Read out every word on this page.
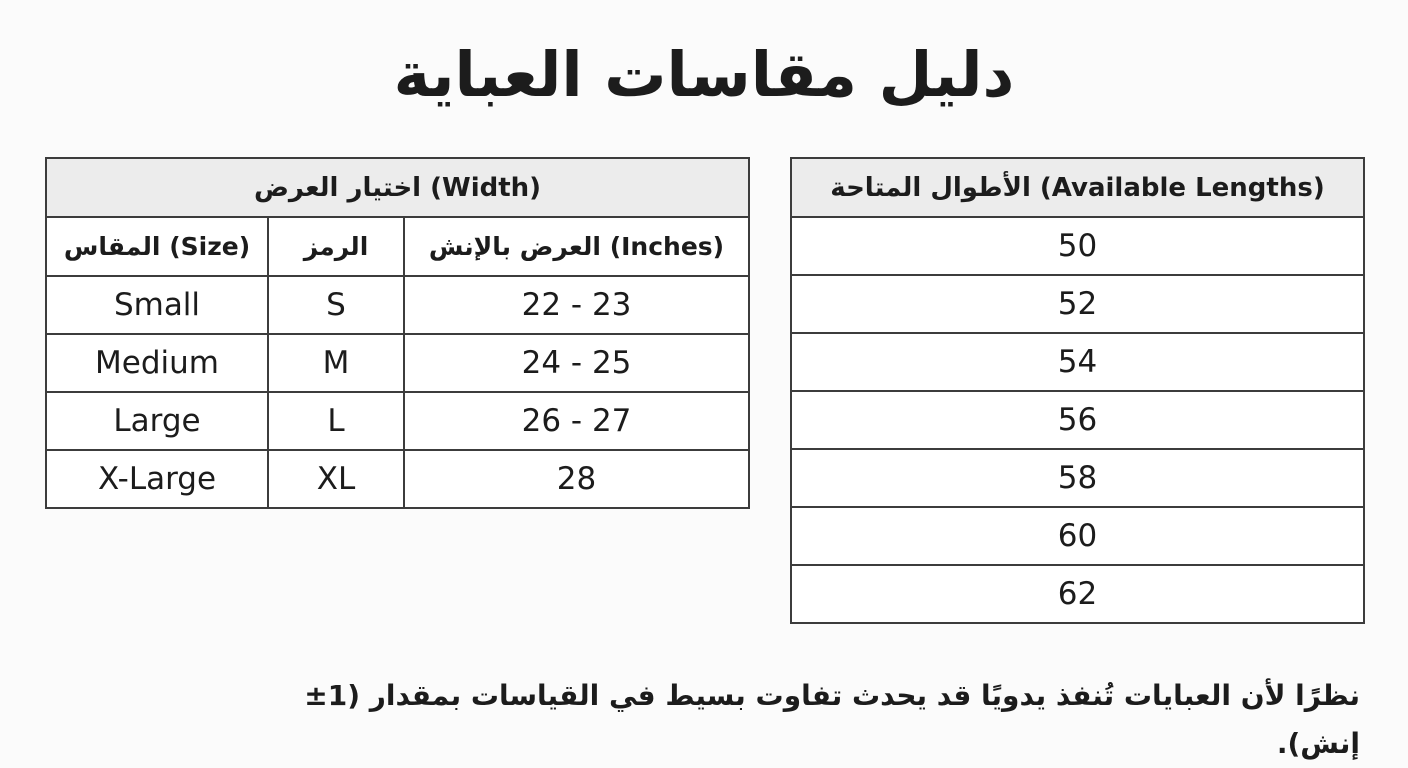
دليل مقاسات العباية
اختيار العرض (Width)		
المقاس (Size)	الرمز	العرض بالإنش (Inches)
Small	S	22 - 23
Medium	M	24 - 25
Large	L	26 - 27
X-Large	XL	28
الأطوال المتاحة (Available Lengths)
50
52
54
56
58
60
62
نظرًا لأن العبايات تُنفذ يدويًا قد يحدث تفاوت بسيط في القياسات بمقدار (1± إنش).
